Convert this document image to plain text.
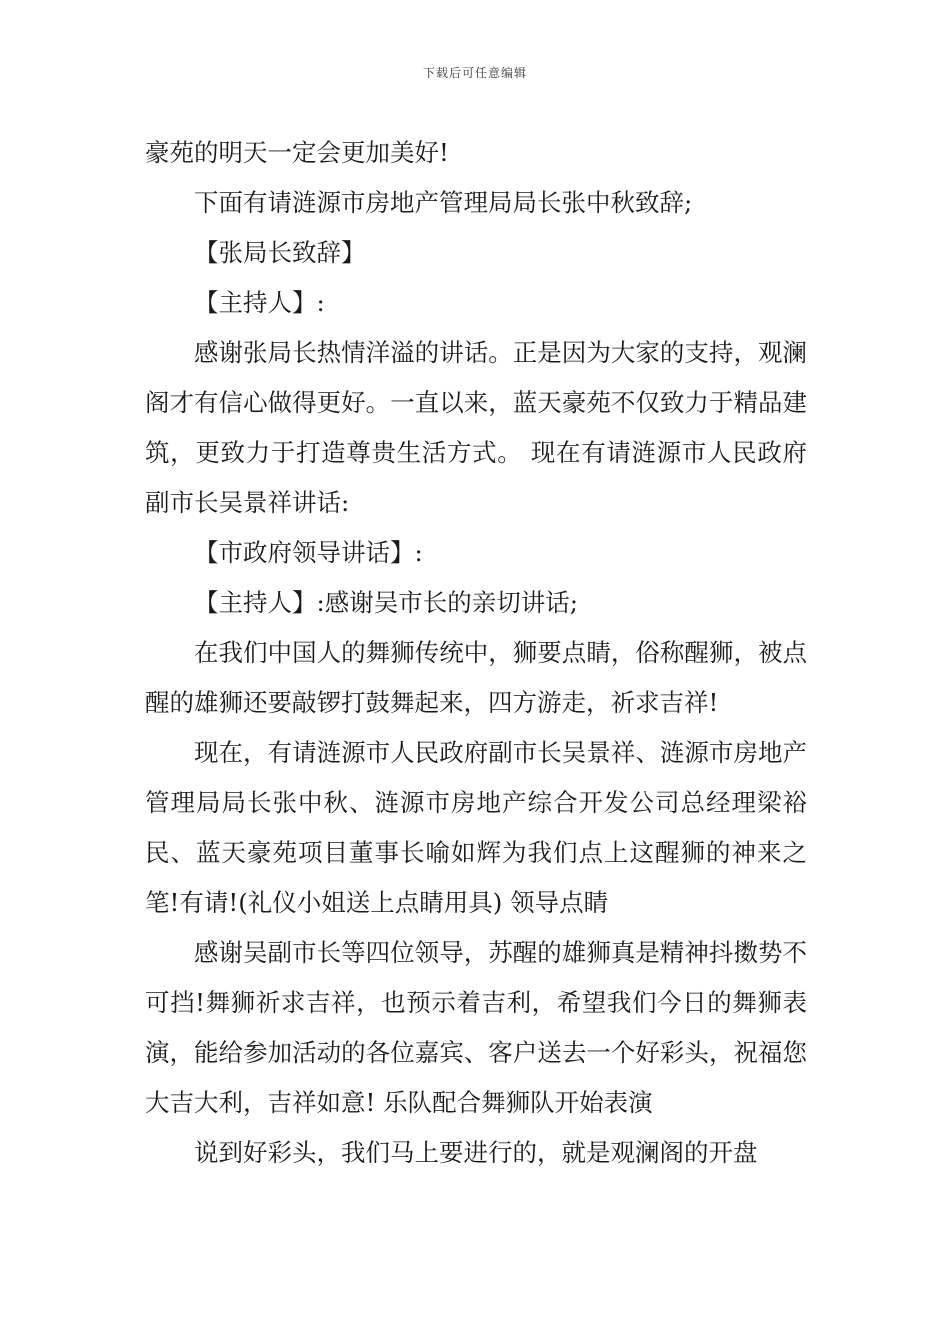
下载后可任意编辑

豪苑的明天一定会更加美好!

下面有请涟源市房地产管理局局长张中秋致辞;

【张局长致辞】

【主持人】:

感谢张局长热情洋溢的讲话。正是因为大家的支持，观澜阁才有信心做得更好。一直以来，蓝天豪苑不仅致力于精品建筑，更致力于打造尊贵生活方式。 现在有请涟源市人民政府副市长吴景祥讲话:

【市政府领导讲话】:

【主持人】:感谢吴市长的亲切讲话;

在我们中国人的舞狮传统中，狮要点睛，俗称醒狮，被点醒的雄狮还要敲锣打鼓舞起来，四方游走，祈求吉祥!

现在，有请涟源市人民政府副市长吴景祥、涟源市房地产管理局局长张中秋、涟源市房地产综合开发公司总经理梁裕民、蓝天豪苑项目董事长喻如辉为我们点上这醒狮的神来之笔!有请!(礼仪小姐送上点睛用具) 领导点睛

感谢吴副市长等四位领导，苏醒的雄狮真是精神抖擞势不可挡!舞狮祈求吉祥，也预示着吉利，希望我们今日的舞狮表演，能给参加活动的各位嘉宾、客户送去一个好彩头，祝福您大吉大利，吉祥如意! 乐队配合舞狮队开始表演

说到好彩头，我们马上要进行的，就是观澜阁的开盘
